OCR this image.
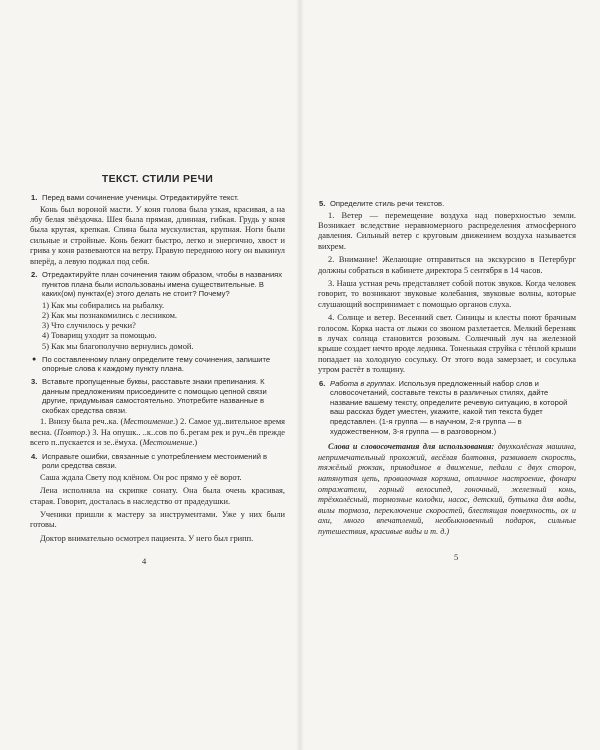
ТЕКСТ. СТИЛИ РЕЧИ
1. Перед вами сочинение ученицы. Отредактируйте текст.
Конь был вороной масти. У коня голова была узкая, красивая, а на лбу белая звёздочка. Шея была прямая, длинная, гибкая. Грудь у коня была крутая, крепкая. Спина была мускулистая, крупная. Ноги были сильные и стройные. Конь бежит быстро, легко и энергично, хвост и грива у коня развеваются на ветру. Правую переднюю ногу он выкинул вперёд, а левую поджал под себя.
2. Отредактируйте план сочинения таким образом, чтобы в названиях пунктов плана были использованы имена существительные. В каких(ом) пунктах(е) этого делать не стоит? Почему?
1) Как мы собирались на рыбалку.
2) Как мы познакомились с лесником.
3) Что случилось у речки?
4) Товарищ уходит за помощью.
5) Как мы благополучно вернулись домой.
● По составленному плану определите тему сочинения, запишите опорные слова к каждому пункту плана.
3. Вставьте пропущенные буквы, расставьте знаки препинания. К данным предложениям присоедините с помощью цепной связи другие, придумывая самостоятельно. Употребите названные в скобках средства связи.
1. Внизу была реч..ка. (Местоимение.) 2. Самое уд..вительное время весна. (Повтор.) 3. На опушк.. ..к..сов по б..регам рек и руч..ёв прежде всего п..пускается и зе..ёмуха. (Местоимение.)
4. Исправьте ошибки, связанные с употреблением местоимений в роли средства связи.
Саша ждала Свету под клёном. Он рос прямо у её ворот.
Лена исполняла на скрипке сонату. Она была очень красивая, старая. Говорит, досталась в наследство от прадедушки.
Ученики пришли к мастеру за инструментами. Уже у них были готовы.
Доктор внимательно осмотрел пациента. У него был грипп.
4
5. Определите стиль речи текстов.
1. Ветер — перемещение воздуха над поверхностью земли. Возникает вследствие неравномерного распределения атмосферного давления. Сильный ветер с круговым движением воздуха называется вихрем.
2. Внимание! Желающие отправиться на экскурсию в Петербург должны собраться в кабинете директора 5 сентября в 14 часов.
3. Наша устная речь представляет собой поток звуков. Когда человек говорит, то возникают звуковые колебания, звуковые волны, которые слушающий воспринимает с помощью органов слуха.
4. Солнце и ветер. Весенний свет. Синицы и клесты поют брачным голосом. Корка наста от лыжи со звоном разлетается. Мелкий березняк в лучах солнца становится розовым. Солнечный луч на железной крыше создает нечто вроде ледника. Тоненькая струйка с тёплой крыши попадает на холодную сосульку. От этого вода замерзает, и сосулька утром растёт в толщину.
6. Работа в группах. Используя предложенный набор слов и словосочетаний, составьте тексты в различных стилях, дайте название вашему тексту, определите речевую ситуацию, в которой ваш рассказ будет уместен, укажите, какой тип текста будет представлен. (1-я группа — в научном, 2-я группа — в художественном, 3-я группа — в разговорном.)
Слова и словосочетания для использования: двухколёсная машина, непримечательный прохожий, весёлая болтовня, развивает скорость, тяжёлый рюкзак, приводимое в движение, педали с двух сторон, натянутая цепь, проволочная корзина, отличное настроение, фонари отражатели, горный велосипед, гоночный, железный конь, трёхколёсный, тормозные колодки, насос, детский, бутылка для воды, вилы тормоза, переключение скоростей, блестящая поверхность, ох и ахи, много впечатлений, необыкновенный подарок, сильные путешествия, красивые виды и т. д.)
5
